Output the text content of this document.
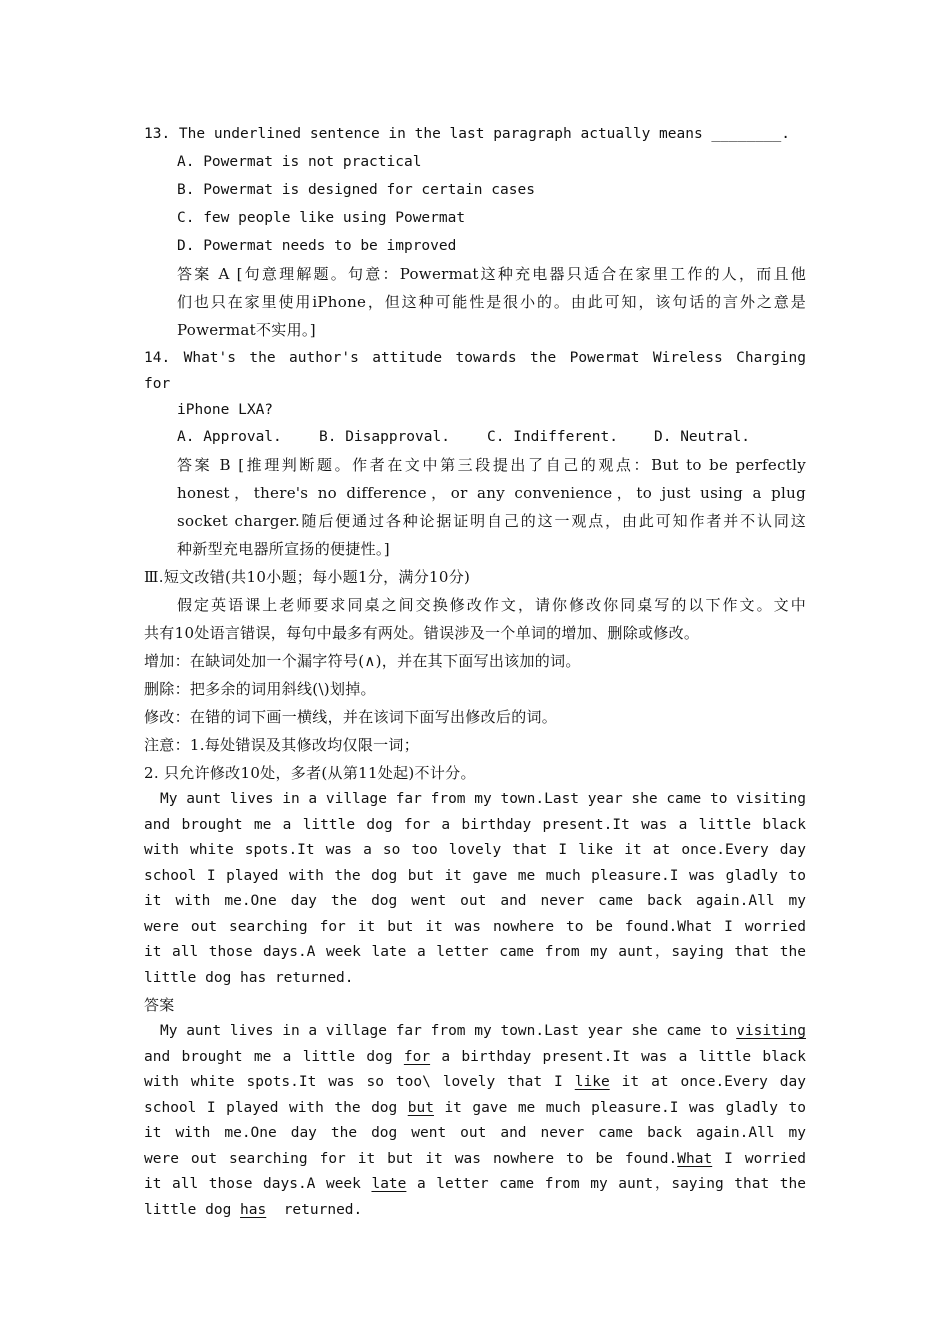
13. The underlined sentence in the last paragraph actually means ________.
A. Powermat is not practical
B. Powermat is designed for certain cases
C. few people like using Powermat
D. Powermat needs to be improved
答案 A [句意理解题。句意：Powermat这种充电器只适合在家里工作的人，而且他
们也只在家里使用iPhone，但这种可能性是很小的。由此可知，该句话的言外之意是
Powermat不实用。]
14. What's the author's attitude towards the Powermat Wireless Charging
for
iPhone LXA?
A. Approval.	B. Disapproval.	C. Indifferent. D. Neutral.
答案 B [推理判断题。作者在文中第三段提出了自己的观点：But to be perfectly
honest，there's no difference，or any convenience，to just using a plug
socket charger.随后便通过各种论据证明自己的这一观点，由此可知作者并不认同这
种新型充电器所宣扬的便捷性。]
Ⅲ.短文改错(共10小题；每小题1分，满分10分)
假定英语课上老师要求同桌之间交换修改作文，请你修改你同桌写的以下作文。文中
共有10处语言错误，每句中最多有两处。错误涉及一个单词的增加、删除或修改。
增加：在缺词处加一个漏字符号(∧)，并在其下面写出该加的词。
删除：把多余的词用斜线(\)划掉。
修改：在错的词下画一横线，并在该词下面写出修改后的词。
注意：1.每处错误及其修改均仅限一词；
2. 只允许修改10处，多者(从第11处起)不计分。
My aunt lives in a village far from my town.Last year she came to visiting
and brought me a little dog for a birthday present.It was a little black
with white spots.It was a so too lovely that I like it at once.Every day
school I played with the dog but it gave me much pleasure.I was gladly to
it with me.One day the dog went out and never came back again.All my
were out searching for it but it was nowhere to be found.What I worried
it all those days.A week late a letter came from my aunt，saying that the
little dog has returned.
答案
My aunt lives in a village far from my town.Last year she came to visiting
and brought me a little dog for a birthday present.It was a little black
with white spots.It was so too\ lovely that I like it at once.Every day
school I played with the dog but it gave me much pleasure.I was gladly to
it with me.One day the dog went out and never came back again.All my
were out searching for it but it was nowhere to be found.What I worried
it all those days.A week late a letter came from my aunt，saying that the
little dog has  returned.
